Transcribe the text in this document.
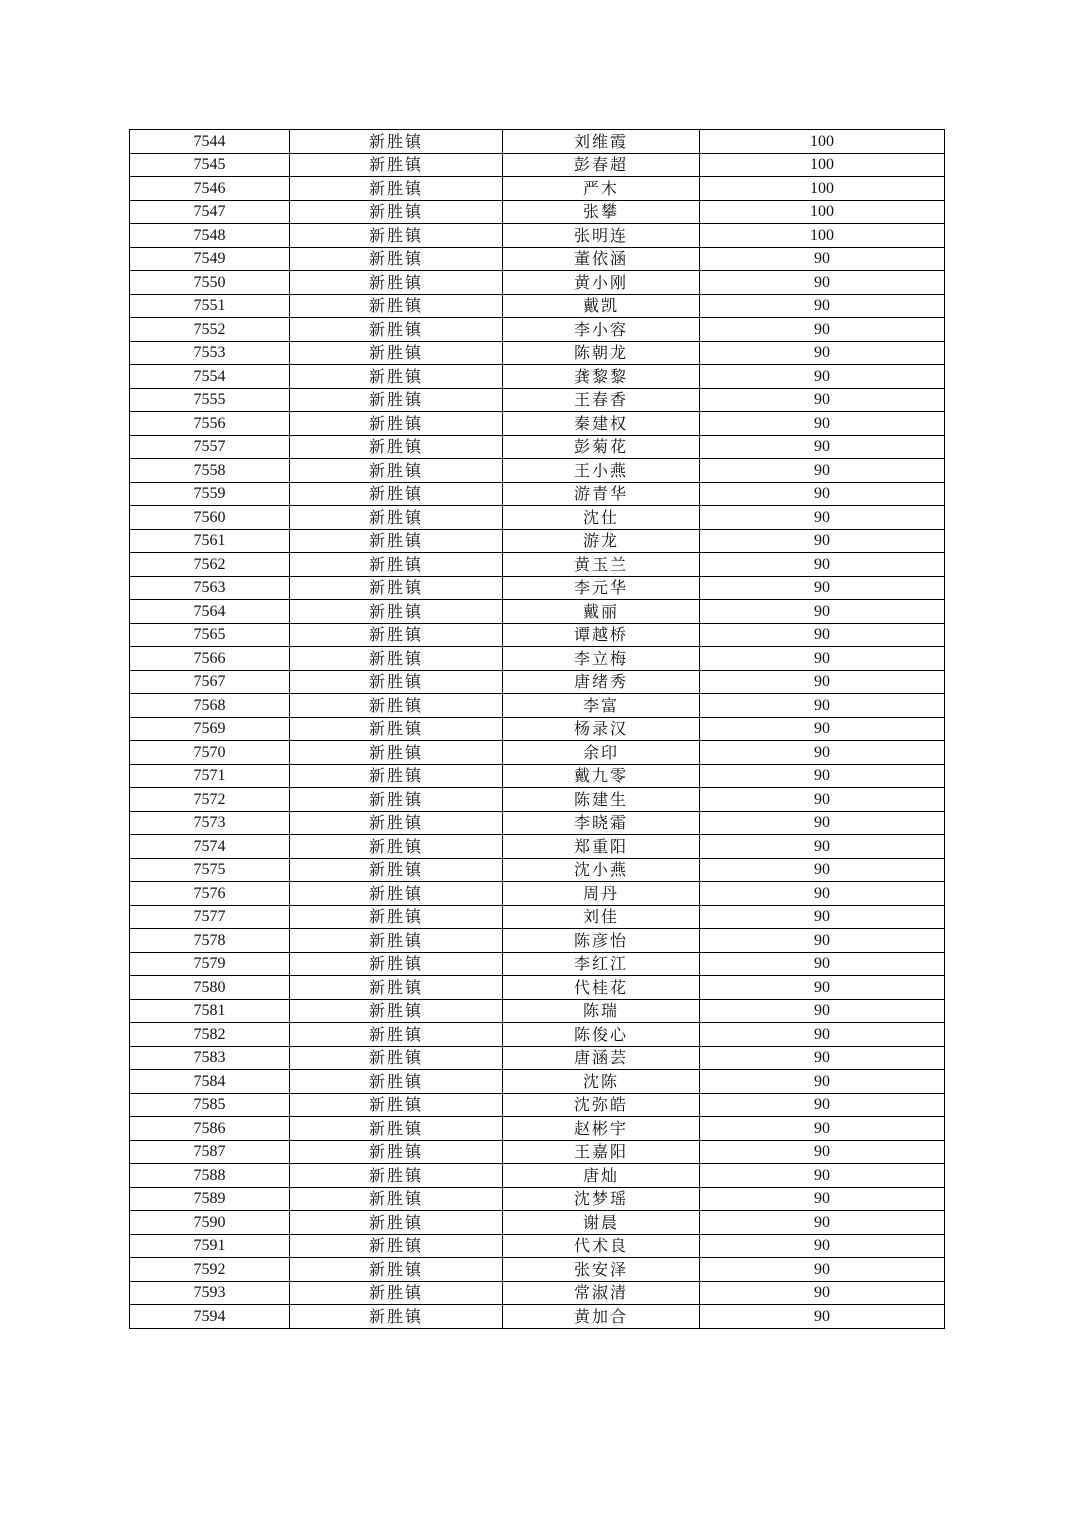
7544	新胜镇	刘维霞	100
7545	新胜镇	彭春超	100
7546	新胜镇	严木	100
7547	新胜镇	张攀	100
7548	新胜镇	张明连	100
7549	新胜镇	董依涵	90
7550	新胜镇	黄小刚	90
7551	新胜镇	戴凯	90
7552	新胜镇	李小容	90
7553	新胜镇	陈朝龙	90
7554	新胜镇	龚黎黎	90
7555	新胜镇	王春香	90
7556	新胜镇	秦建权	90
7557	新胜镇	彭菊花	90
7558	新胜镇	王小燕	90
7559	新胜镇	游青华	90
7560	新胜镇	沈仕	90
7561	新胜镇	游龙	90
7562	新胜镇	黄玉兰	90
7563	新胜镇	李元华	90
7564	新胜镇	戴丽	90
7565	新胜镇	谭越桥	90
7566	新胜镇	李立梅	90
7567	新胜镇	唐绪秀	90
7568	新胜镇	李富	90
7569	新胜镇	杨录汉	90
7570	新胜镇	余印	90
7571	新胜镇	戴九零	90
7572	新胜镇	陈建生	90
7573	新胜镇	李晓霜	90
7574	新胜镇	郑重阳	90
7575	新胜镇	沈小燕	90
7576	新胜镇	周丹	90
7577	新胜镇	刘佳	90
7578	新胜镇	陈彦怡	90
7579	新胜镇	李红江	90
7580	新胜镇	代桂花	90
7581	新胜镇	陈瑞	90
7582	新胜镇	陈俊心	90
7583	新胜镇	唐涵芸	90
7584	新胜镇	沈陈	90
7585	新胜镇	沈弥皓	90
7586	新胜镇	赵彬宇	90
7587	新胜镇	王嘉阳	90
7588	新胜镇	唐灿	90
7589	新胜镇	沈梦瑶	90
7590	新胜镇	谢晨	90
7591	新胜镇	代术良	90
7592	新胜镇	张安泽	90
7593	新胜镇	常淑清	90
7594	新胜镇	黄加合	90
